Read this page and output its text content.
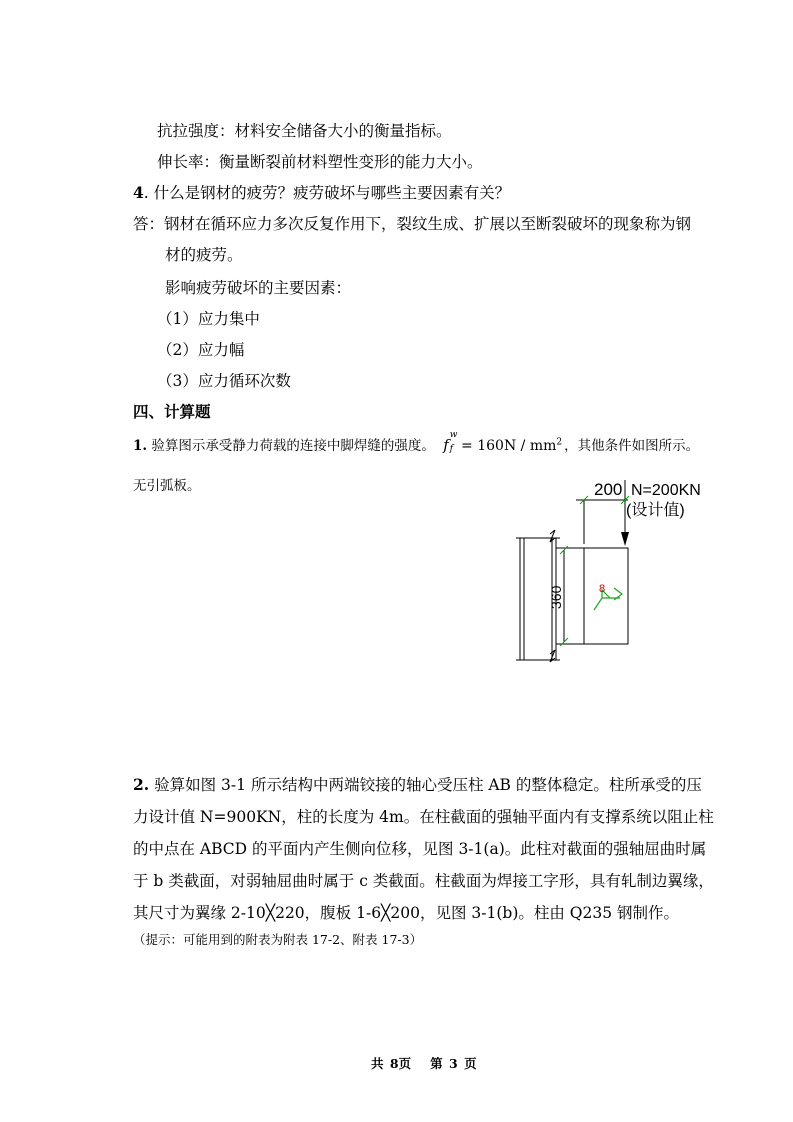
抗拉强度：材料安全储备大小的衡量指标。
伸长率：衡量断裂前材料塑性变形的能力大小。
4. 什么是钢材的疲劳？疲劳破坏与哪些主要因素有关？
答：钢材在循环应力多次反复作用下，裂纹生成、扩展以至断裂破坏的现象称为钢
材的疲劳。
影响疲劳破坏的主要因素：
（1）应力集中
（2）应力幅
（3）应力循环次数
四、计算题
1. 验算图示承受静力荷载的连接中脚焊缝的强度。 f
w
$f = 160N / mm^2$ ，其他条件如图所示。
无引弧板。
8
200 N=200KN
(设计值)
360
2. 验算如图 3-1 所示结构中两端铰接的轴心受压柱 AB 的整体稳定。柱所承受的压
力设计值 N=900KN，柱的长度为 4m。在柱截面的强轴平面内有支撑系统以阻止柱
的中点在 ABCD 的平面内产生侧向位移，见图 3-1(a)。此柱对截面的强轴屈曲时属
于 b 类截面，对弱轴屈曲时属于 c 类截面。柱截面为焊接工字形，具有轧制边翼缘，
其尺寸为翼缘 2-10╳220，腹板 1-6╳200，见图 3-1(b)。柱由 Q235 钢制作。
（提示：可能用到的附表为附表 17-2、附表 17-3）
共 8页 第 3 页
